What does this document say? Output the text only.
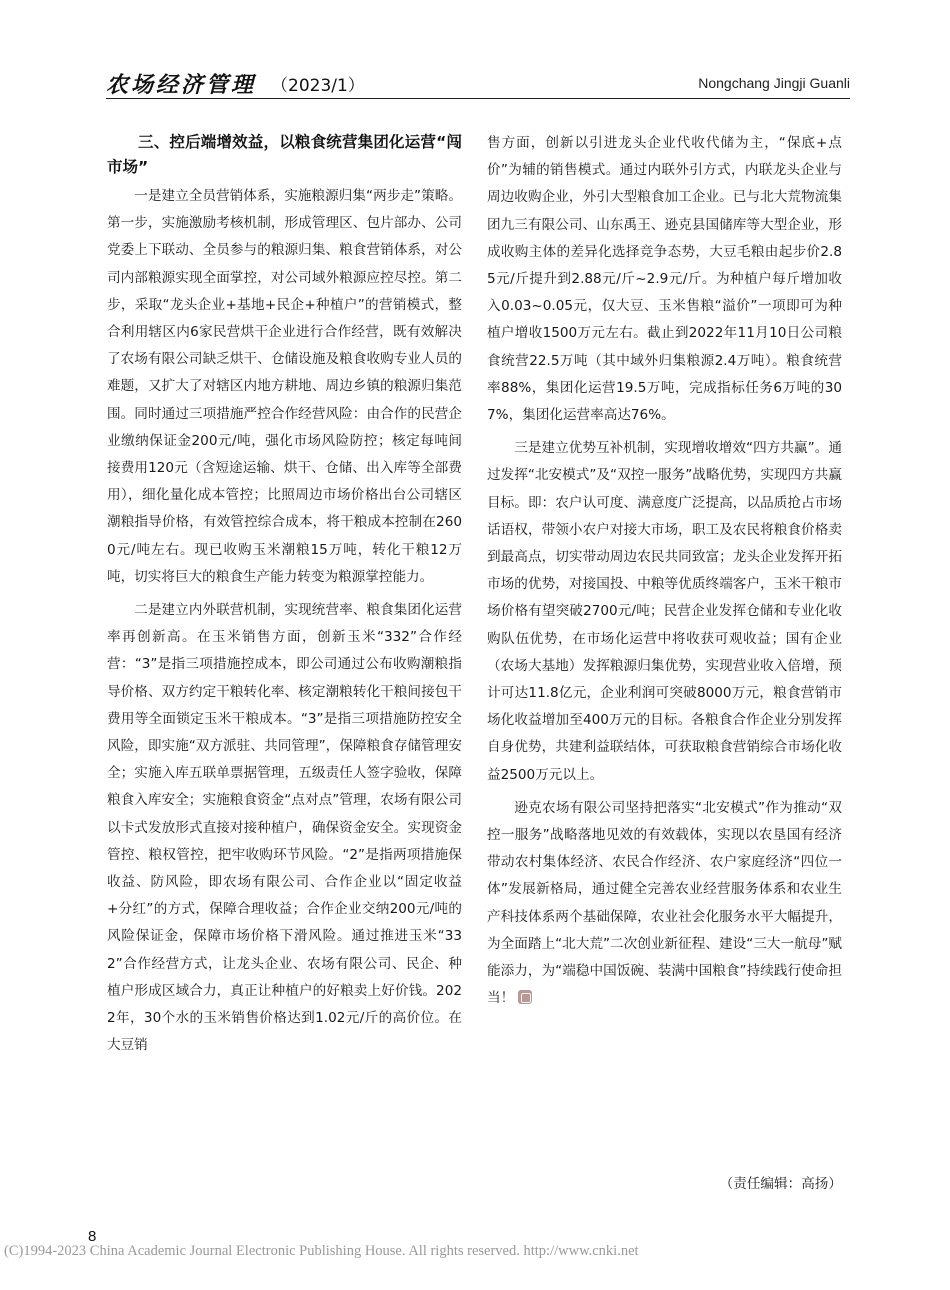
农场经济管理 （2023/1）	Nongchang Jingji Guanli
三、控后端增效益，以粮食统营集团化运营“闯市场”

一是建立全员营销体系，实施粮源归集“两步走”策略。第一步，实施激励考核机制，形成管理区、包片部办、公司党委上下联动、全员参与的粮源归集、粮食营销体系，对公司内部粮源实现全面掌控，对公司域外粮源应控尽控。第二步，采取“龙头企业+基地+民企+种植户”的营销模式，整合利用辖区内6家民营烘干企业进行合作经营，既有效解决了农场有限公司缺乏烘干、仓储设施及粮食收购专业人员的难题，又扩大了对辖区内地方耕地、周边乡镇的粮源归集范围。同时通过三项措施严控合作经营风险：由合作的民营企业缴纳保证金200元/吨，强化市场风险防控；核定每吨间接费用120元（含短途运输、烘干、仓储、出入库等全部费用），细化量化成本管控；比照周边市场价格出台公司辖区潮粮指导价格，有效管控综合成本，将干粮成本控制在2600元/吨左右。现已收购玉米潮粮15万吨，转化干粮12万吨，切实将巨大的粮食生产能力转变为粮源掌控能力。

二是建立内外联营机制，实现统营率、粮食集团化运营率再创新高。在玉米销售方面，创新玉米“332”合作经营：“3”是指三项措施控成本，即公司通过公布收购潮粮指导价格、双方约定干粮转化率、核定潮粮转化干粮间接包干费用等全面锁定玉米干粮成本。“3”是指三项措施防控安全风险，即实施“双方派驻、共同管理”，保障粮食存储管理安全；实施入库五联单票据管理，五级责任人签字验收，保障粮食入库安全；实施粮食资金“点对点”管理，农场有限公司以卡式发放形式直接对接种植户，确保资金安全。实现资金管控、粮权管控，把牢收购环节风险。“2”是指两项措施保收益、防风险，即农场有限公司、合作企业以“固定收益+分红”的方式，保障合理收益；合作企业交纳200元/吨的风险保证金，保障市场价格下滑风险。通过推进玉米“332”合作经营方式，让龙头企业、农场有限公司、民企、种植户形成区域合力，真正让种植户的好粮卖上好价钱。2022年，30个水的玉米销售价格达到1.02元/斤的高价位。在大豆销

售方面，创新以引进龙头企业代收代储为主，“保底+点价”为辅的销售模式。通过内联外引方式，内联龙头企业与周边收购企业，外引大型粮食加工企业。已与北大荒物流集团九三有限公司、山东禹王、逊克县国储库等大型企业，形成收购主体的差异化选择竞争态势，大豆毛粮由起步价2.85元/斤提升到2.88元/斤~2.9元/斤。为种植户每斤增加收入0.03~0.05元，仅大豆、玉米售粮“溢价”一项即可为种植户增收1500万元左右。截止到2022年11月10日公司粮食统营22.5万吨（其中域外归集粮源2.4万吨）。粮食统营率88%，集团化运营19.5万吨，完成指标任务6万吨的307%，集团化运营率高达76%。

三是建立优势互补机制，实现增收增效“四方共赢”。通过发挥“北安模式”及“双控一服务”战略优势，实现四方共赢目标。即：农户认可度、满意度广泛提高，以品质抢占市场话语权，带领小农户对接大市场，职工及农民将粮食价格卖到最高点，切实带动周边农民共同致富；龙头企业发挥开拓市场的优势，对接国投、中粮等优质终端客户，玉米干粮市场价格有望突破2700元/吨；民营企业发挥仓储和专业化收购队伍优势，在市场化运营中将收获可观收益；国有企业（农场大基地）发挥粮源归集优势，实现营业收入倍增，预计可达11.8亿元，企业利润可突破8000万元，粮食营销市场化收益增加至400万元的目标。各粮食合作企业分别发挥自身优势，共建利益联结体，可获取粮食营销综合市场化收益2500万元以上。

逊克农场有限公司坚持把落实“北安模式”作为推动“双控一服务”战略落地见效的有效载体，实现以农垦国有经济带动农村集体经济、农民合作经济、农户家庭经济“四位一体”发展新格局，通过健全完善农业经营服务体系和农业生产科技体系两个基础保障，农业社会化服务水平大幅提升，为全面踏上“北大荒”二次创业新征程、建设“三大一航母”赋能添力，为“端稳中国饭碗、装满中国粮食”持续践行使命担当！

（责任编辑：高扬）
8
(C)1994-2023 China Academic Journal Electronic Publishing House. All rights reserved. http://www.cnki.net
